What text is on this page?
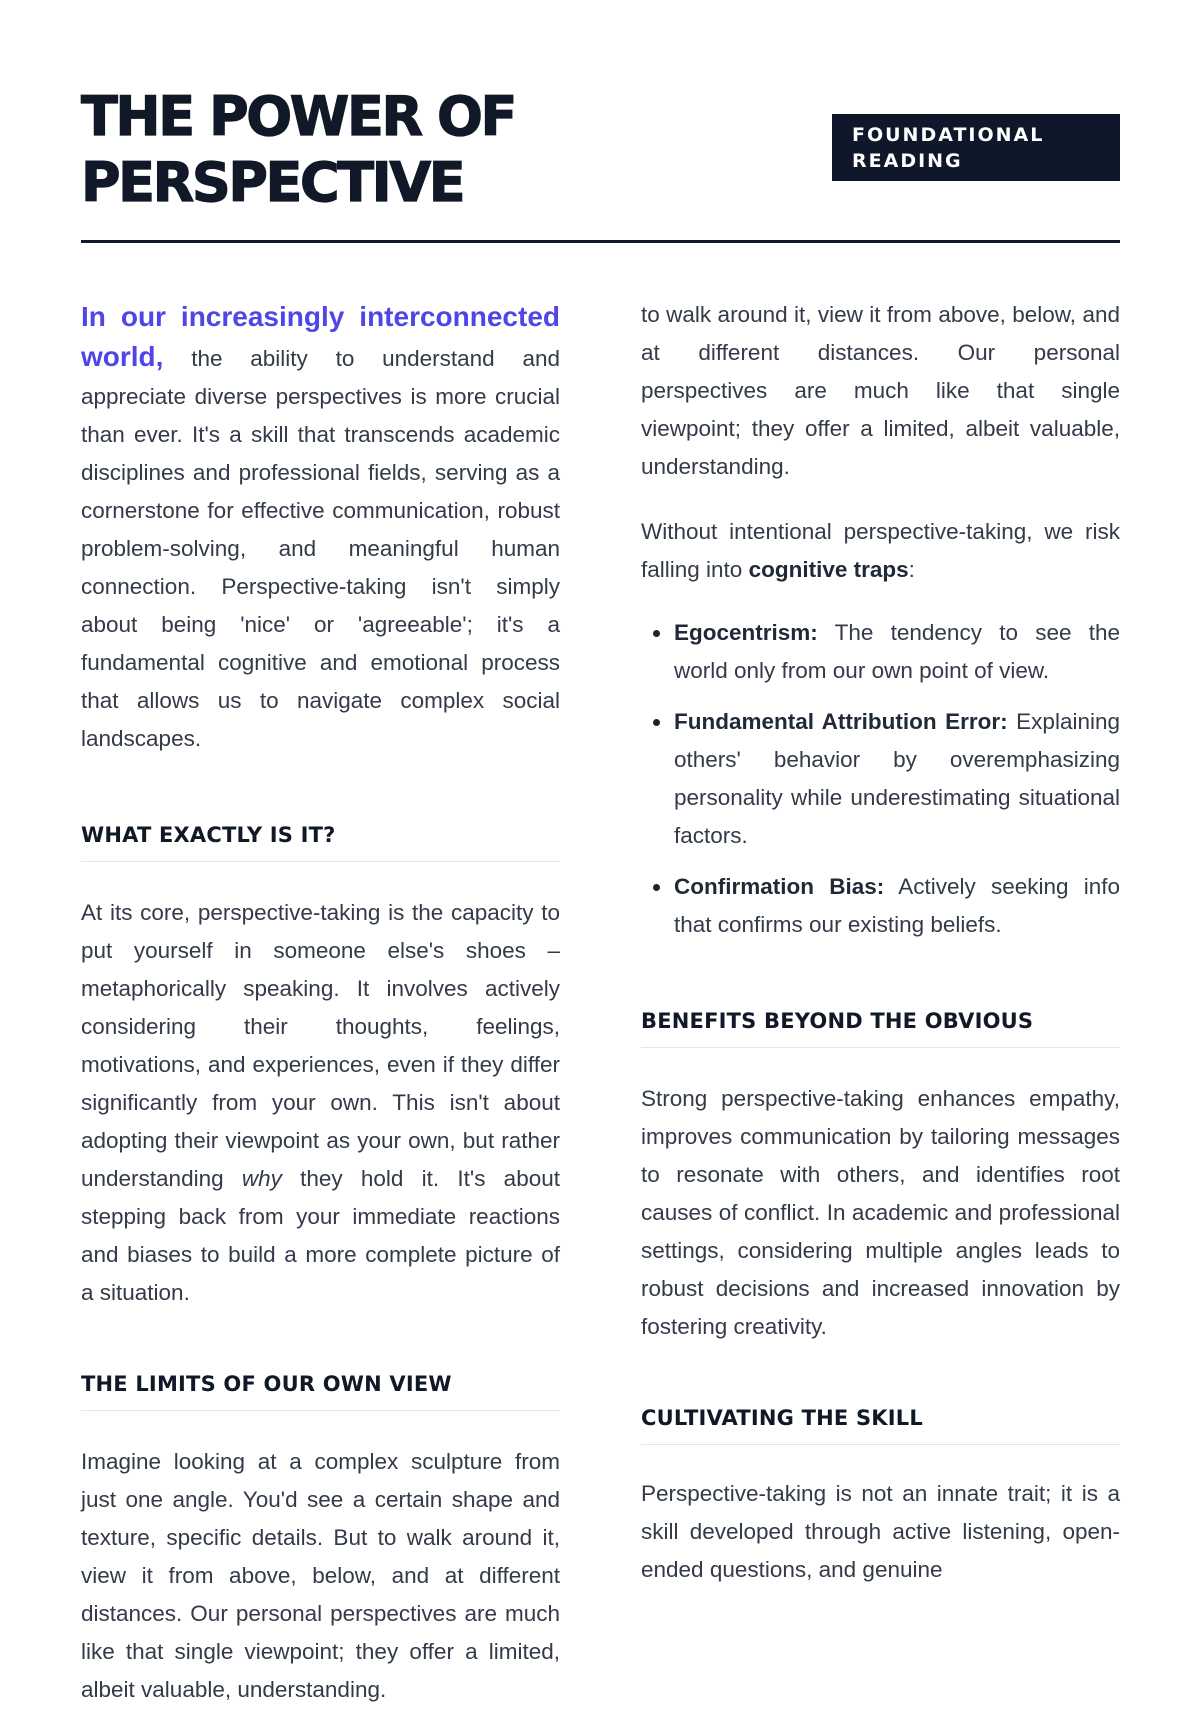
THE POWER OF
PERSPECTIVE
FOUNDATIONAL
READING

In our increasingly interconnected world, the ability to understand and appreciate diverse perspectives is more crucial than ever. It's a skill that transcends academic disciplines and professional fields, serving as a cornerstone for effective communication, robust problem-solving, and meaningful human connection. Perspective-taking isn't simply about being 'nice' or 'agreeable'; it's a fundamental cognitive and emotional process that allows us to navigate complex social landscapes.

WHAT EXACTLY IS IT?

At its core, perspective-taking is the capacity to put yourself in someone else's shoes – metaphorically speaking. It involves actively considering their thoughts, feelings, motivations, and experiences, even if they differ significantly from your own. This isn't about adopting their viewpoint as your own, but rather understanding why they hold it. It's about stepping back from your immediate reactions and biases to build a more complete picture of a situation.

THE LIMITS OF OUR OWN VIEW

Imagine looking at a complex sculpture from just one angle. You'd see a certain shape and texture, specific details. But to walk around it, view it from above, below, and at different distances. Our personal perspectives are much like that single viewpoint; they offer a limited, albeit valuable, understanding.

to walk around it, view it from above, below, and at different distances. Our personal perspectives are much like that single viewpoint; they offer a limited, albeit valuable, understanding.

Without intentional perspective-taking, we risk falling into cognitive traps:

Egocentrism: The tendency to see the world only from our own point of view.
Fundamental Attribution Error: Explaining others' behavior by overemphasizing personality while underestimating situational factors.
Confirmation Bias: Actively seeking info that confirms our existing beliefs.
BENEFITS BEYOND THE OBVIOUS

Strong perspective-taking enhances empathy, improves communication by tailoring messages to resonate with others, and identifies root causes of conflict. In academic and professional settings, considering multiple angles leads to robust decisions and increased innovation by fostering creativity.

CULTIVATING THE SKILL

Perspective-taking is not an innate trait; it is a skill developed through active listening, open-ended questions, and genuine
